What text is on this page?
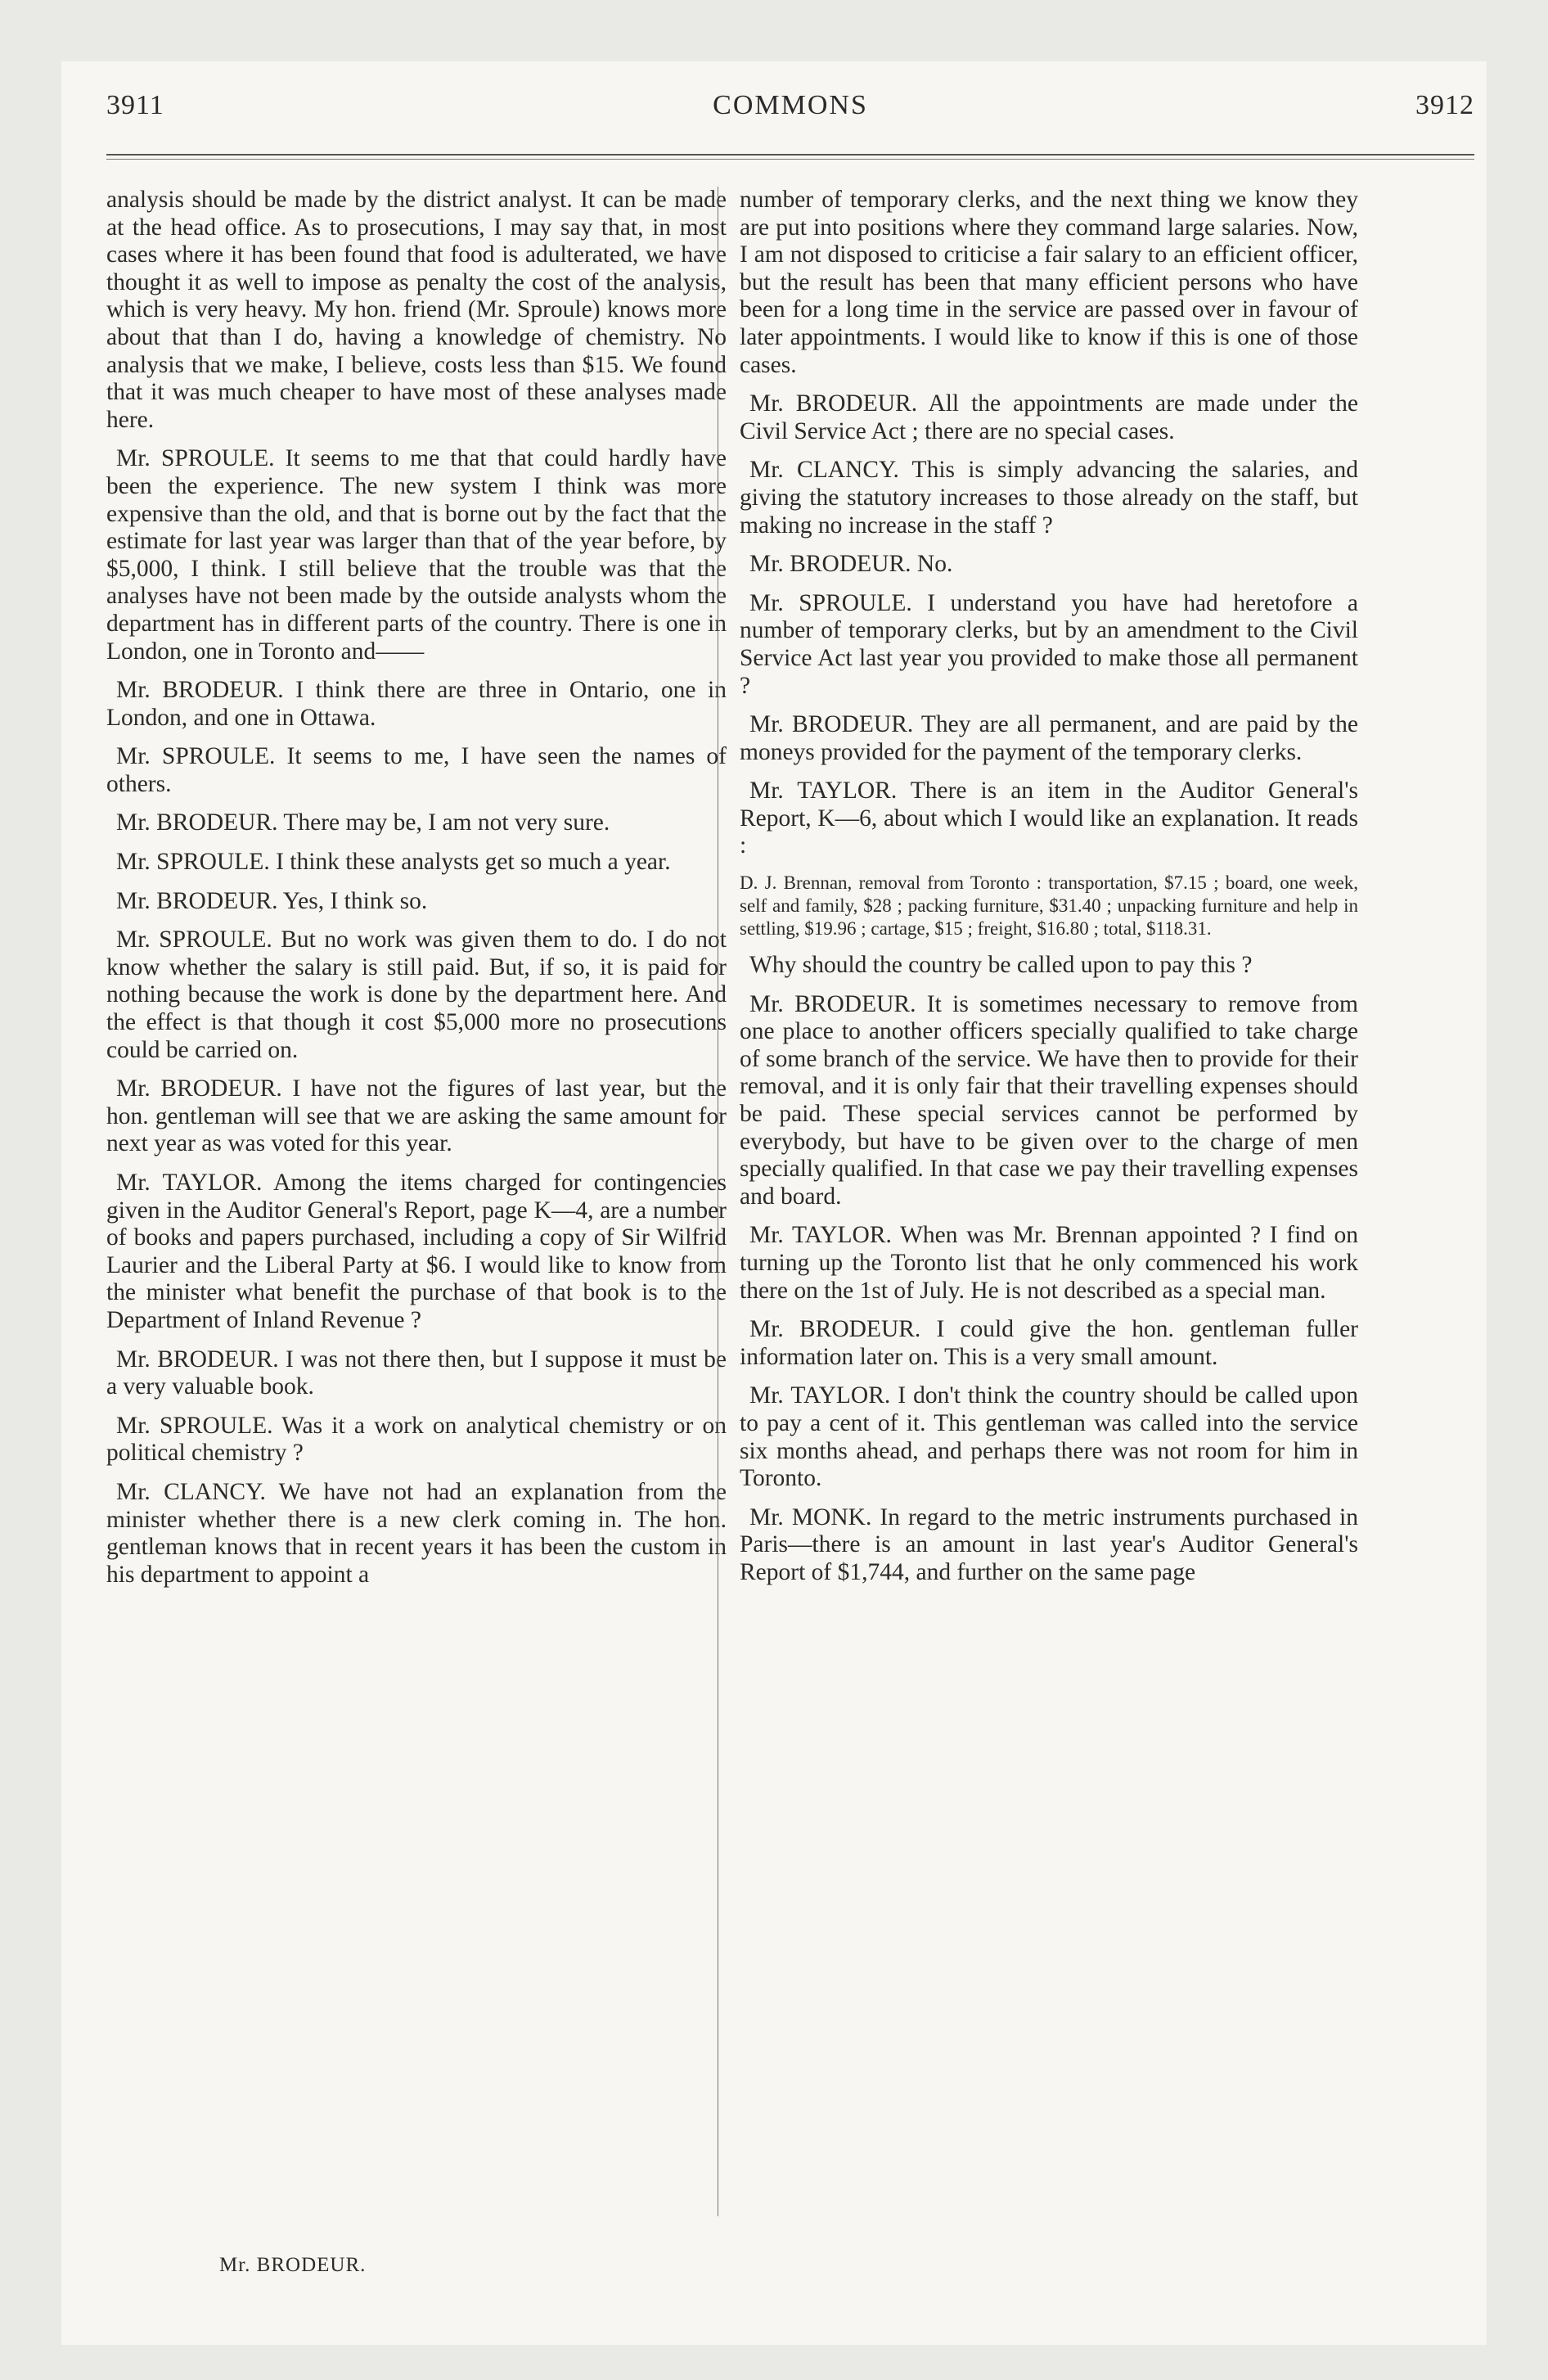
3911	COMMONS	3912

analysis should be made by the district analyst. It can be made at the head office. As to prosecutions, I may say that, in most cases where it has been found that food is adulterated, we have thought it as well to impose as penalty the cost of the analysis, which is very heavy. My hon. friend (Mr. Sproule) knows more about that than I do, having a knowledge of chemistry. No analysis that we make, I believe, costs less than $15. We found that it was much cheaper to have most of these analyses made here.

Mr. SPROULE. It seems to me that that could hardly have been the experience. The new system I think was more expensive than the old, and that is borne out by the fact that the estimate for last year was larger than that of the year before, by $5,000, I think. I still believe that the trouble was that the analyses have not been made by the outside analysts whom the department has in different parts of the country. There is one in London, one in Toronto and——

Mr. BRODEUR. I think there are three in Ontario, one in London, and one in Ottawa.

Mr. SPROULE. It seems to me, I have seen the names of others.

Mr. BRODEUR. There may be, I am not very sure.

Mr. SPROULE. I think these analysts get so much a year.

Mr. BRODEUR. Yes, I think so.

Mr. SPROULE. But no work was given them to do. I do not know whether the salary is still paid. But, if so, it is paid for nothing because the work is done by the department here. And the effect is that though it cost $5,000 more no prosecutions could be carried on.

Mr. BRODEUR. I have not the figures of last year, but the hon. gentleman will see that we are asking the same amount for next year as was voted for this year.

Mr. TAYLOR. Among the items charged for contingencies given in the Auditor General's Report, page K—4, are a number of books and papers purchased, including a copy of Sir Wilfrid Laurier and the Liberal Party at $6. I would like to know from the minister what benefit the purchase of that book is to the Department of Inland Revenue ?

Mr. BRODEUR. I was not there then, but I suppose it must be a very valuable book.

Mr. SPROULE. Was it a work on analytical chemistry or on political chemistry ?

Mr. CLANCY. We have not had an explanation from the minister whether there is a new clerk coming in. The hon. gentleman knows that in recent years it has been the custom in his department to appoint a

number of temporary clerks, and the next thing we know they are put into positions where they command large salaries. Now, I am not disposed to criticise a fair salary to an efficient officer, but the result has been that many efficient persons who have been for a long time in the service are passed over in favour of later appointments. I would like to know if this is one of those cases.

Mr. BRODEUR. All the appointments are made under the Civil Service Act ; there are no special cases.

Mr. CLANCY. This is simply advancing the salaries, and giving the statutory increases to those already on the staff, but making no increase in the staff ?

Mr. BRODEUR. No.

Mr. SPROULE. I understand you have had heretofore a number of temporary clerks, but by an amendment to the Civil Service Act last year you provided to make those all permanent ?

Mr. BRODEUR. They are all permanent, and are paid by the moneys provided for the payment of the temporary clerks.

Mr. TAYLOR. There is an item in the Auditor General's Report, K—6, about which I would like an explanation. It reads :

D. J. Brennan, removal from Toronto : transportation, $7.15 ; board, one week, self and family, $28 ; packing furniture, $31.40 ; unpacking furniture and help in settling, $19.96 ; cartage, $15 ; freight, $16.80 ; total, $118.31.

Why should the country be called upon to pay this ?

Mr. BRODEUR. It is sometimes necessary to remove from one place to another officers specially qualified to take charge of some branch of the service. We have then to provide for their removal, and it is only fair that their travelling expenses should be paid. These special services cannot be performed by everybody, but have to be given over to the charge of men specially qualified. In that case we pay their travelling expenses and board.

Mr. TAYLOR. When was Mr. Brennan appointed ? I find on turning up the Toronto list that he only commenced his work there on the 1st of July. He is not described as a special man.

Mr. BRODEUR. I could give the hon. gentleman fuller information later on. This is a very small amount.

Mr. TAYLOR. I don't think the country should be called upon to pay a cent of it. This gentleman was called into the service six months ahead, and perhaps there was not room for him in Toronto.

Mr. MONK. In regard to the metric instruments purchased in Paris—there is an amount in last year's Auditor General's Report of $1,744, and further on the same page

Mr. BRODEUR.
